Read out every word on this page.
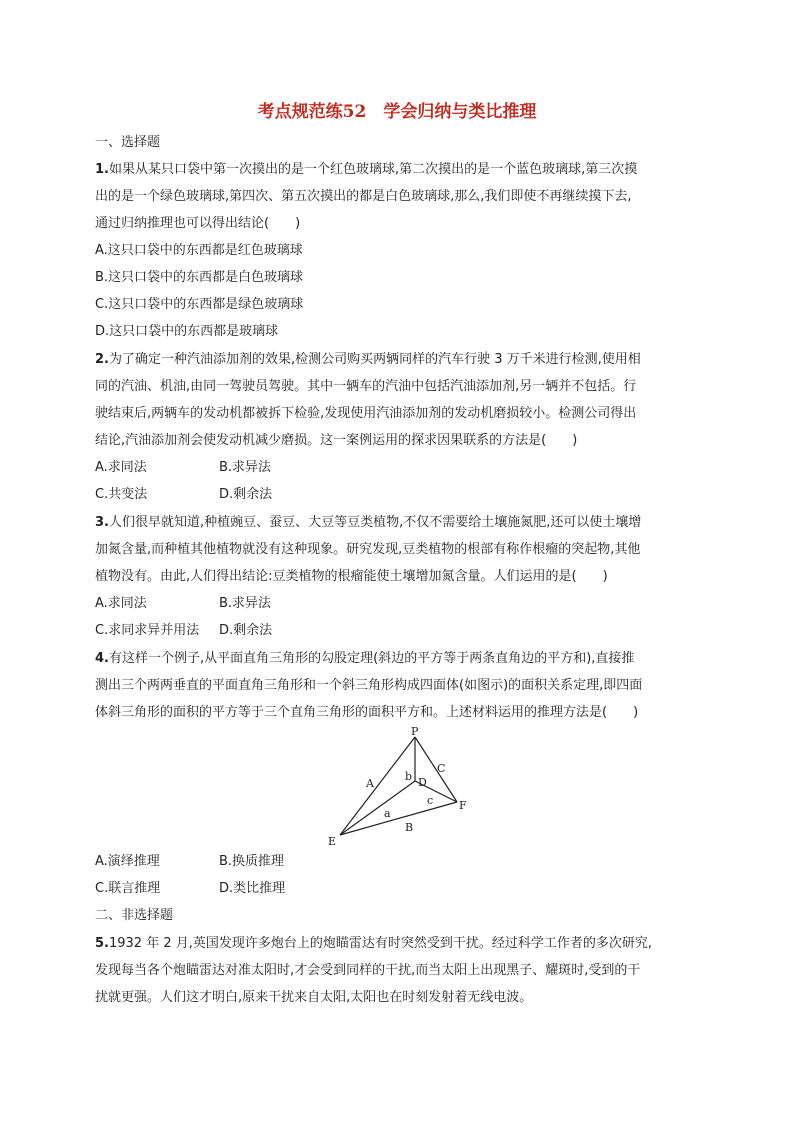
考点规范练52　学会归纳与类比推理
一、选择题
1.如果从某只口袋中第一次摸出的是一个红色玻璃球,第二次摸出的是一个蓝色玻璃球,第三次摸
出的是一个绿色玻璃球,第四次、第五次摸出的都是白色玻璃球,那么,我们即使不再继续摸下去,
通过归纳推理也可以得出结论(　　)
A.这只口袋中的东西都是红色玻璃球
B.这只口袋中的东西都是白色玻璃球
C.这只口袋中的东西都是绿色玻璃球
D.这只口袋中的东西都是玻璃球
2.为了确定一种汽油添加剂的效果,检测公司购买两辆同样的汽车行驶 3 万千米进行检测,使用相
同的汽油、机油,由同一驾驶员驾驶。其中一辆车的汽油中包括汽油添加剂,另一辆并不包括。行
驶结束后,两辆车的发动机都被拆下检验,发现使用汽油添加剂的发动机磨损较小。检测公司得出
结论,汽油添加剂会使发动机减少磨损。这一案例运用的探求因果联系的方法是(　　)
A.求同法	B.求异法
C.共变法	D.剩余法
3.人们很早就知道,种植豌豆、蚕豆、大豆等豆类植物,不仅不需要给土壤施氮肥,还可以使土壤增
加氮含量,而种植其他植物就没有这种现象。研究发现,豆类植物的根部有称作根瘤的突起物,其他
植物没有。由此,人们得出结论:豆类植物的根瘤能使土壤增加氮含量。人们运用的是(　　)
A.求同法	B.求异法
C.求同求异并用法 D.剩余法
4.有这样一个例子,从平面直角三角形的勾股定理(斜边的平方等于两条直角边的平方和),直接推
测出三个两两垂直的平面直角三角形和一个斜三角形构成四面体(如图示)的面积关系定理,即四面
体斜三角形的面积的平方等于三个直角三角形的面积平方和。上述材料运用的推理方法是(　　)
P
D
E
F
A
B
C
a
b
c
A.演绎推理	B.换质推理
C.联言推理	D.类比推理
二、非选择题
5.1932 年 2 月,英国发现许多炮台上的炮瞄雷达有时突然受到干扰。经过科学工作者的多次研究,
发现每当各个炮瞄雷达对准太阳时,才会受到同样的干扰,而当太阳上出现黑子、耀斑时,受到的干
扰就更强。人们这才明白,原来干扰来自太阳,太阳也在时刻发射着无线电波。
